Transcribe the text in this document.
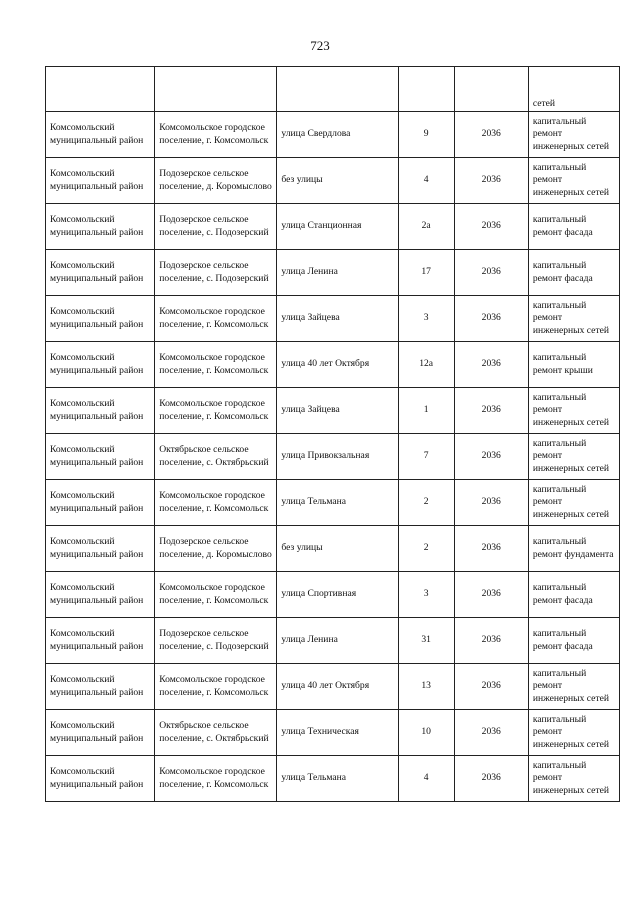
723
					сетей
Комсомольский муниципальный район	Комсомольское городское поселение, г. Комсомольск	улица Свердлова	9	2036	капитальный ремонт инженерных сетей
Комсомольский муниципальный район	Подозерское сельское поселение, д. Коромыслово	без улицы	4	2036	капитальный ремонт инженерных сетей
Комсомольский муниципальный район	Подозерское сельское поселение, с. Подозерский	улица Станционная	2а	2036	капитальный ремонт фасада
Комсомольский муниципальный район	Подозерское сельское поселение, с. Подозерский	улица Ленина	17	2036	капитальный ремонт фасада
Комсомольский муниципальный район	Комсомольское городское поселение, г. Комсомольск	улица Зайцева	3	2036	капитальный ремонт инженерных сетей
Комсомольский муниципальный район	Комсомольское городское поселение, г. Комсомольск	улица 40 лет Октября	12а	2036	капитальный ремонт крыши
Комсомольский муниципальный район	Комсомольское городское поселение, г. Комсомольск	улица Зайцева	1	2036	капитальный ремонт инженерных сетей
Комсомольский муниципальный район	Октябрьское сельское поселение, с. Октябрьский	улица Привокзальная	7	2036	капитальный ремонт инженерных сетей
Комсомольский муниципальный район	Комсомольское городское поселение, г. Комсомольск	улица Тельмана	2	2036	капитальный ремонт инженерных сетей
Комсомольский муниципальный район	Подозерское сельское поселение, д. Коромыслово	без улицы	2	2036	капитальный ремонт фундамента
Комсомольский муниципальный район	Комсомольское городское поселение, г. Комсомольск	улица Спортивная	3	2036	капитальный ремонт фасада
Комсомольский муниципальный район	Подозерское сельское поселение, с. Подозерский	улица Ленина	31	2036	капитальный ремонт фасада
Комсомольский муниципальный район	Комсомольское городское поселение, г. Комсомольск	улица 40 лет Октября	13	2036	капитальный ремонт инженерных сетей
Комсомольский муниципальный район	Октябрьское сельское поселение, с. Октябрьский	улица Техническая	10	2036	капитальный ремонт инженерных сетей
Комсомольский муниципальный район	Комсомольское городское поселение, г. Комсомольск	улица Тельмана	4	2036	капитальный ремонт инженерных сетей
